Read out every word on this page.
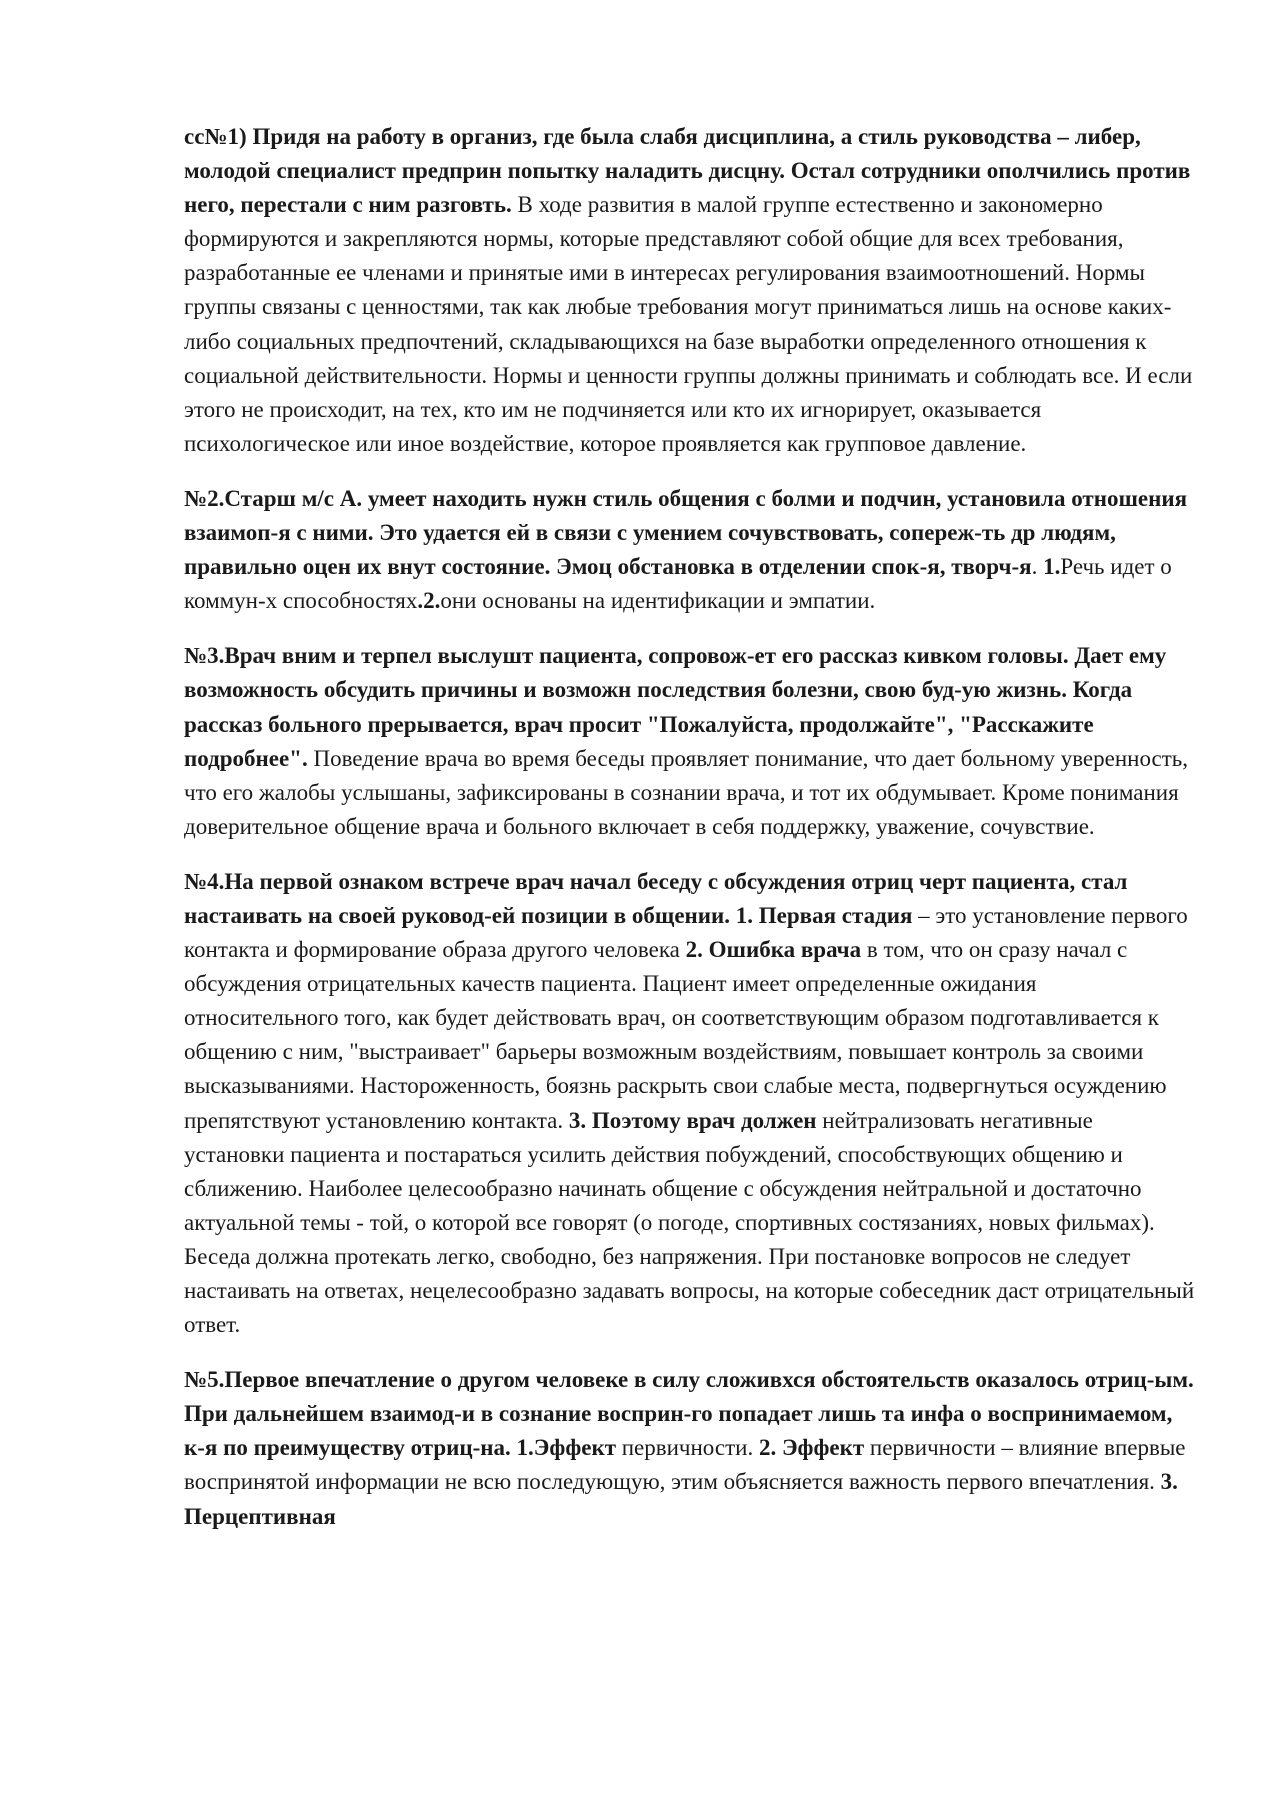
сс№1) Придя на работу в организ, где была слабя дисциплина, а стиль руководства – либер, молодой специалист предприн попытку наладить дисцну. Остал сотрудники ополчились против него, перестали с ним разговть. В ходе развития в малой группе естественно и закономерно формируются и закрепляются нормы, которые представляют собой общие для всех требования, разработанные ее членами и принятые ими в интересах регулирования взаимоотношений. Нормы группы связаны с ценностями, так как любые требования могут приниматься лишь на основе каких-либо социальных предпочтений, складывающихся на базе выработки определенного отношения к социальной действительности. Нормы и ценности группы должны принимать и соблюдать все. И если этого не происходит, на тех, кто им не подчиняется или кто их игнорирует, оказывается психологическое или иное воздействие, которое проявляется как групповое давление.

№2.Старш м/с А. умеет находить нужн стиль общения с болми и подчин, установила отношения взаимоп-я с ними. Это удается ей в связи с умением сочувствовать, сопереж-ть др людям, правильно оцен их внут состояние. Эмоц обстановка в отделении спок-я, творч-я. 1.Речь идет о коммун-х способностях.2.они основаны на идентификации и эмпатии.

№3.Врач вним и терпел выслушт пациента, сопровож-ет его рассказ кивком головы. Дает ему возможность обсудить причины и возможн последствия болезни, свою буд-ую жизнь. Когда рассказ больного прерывается, врач просит "Пожалуйста, продолжайте", "Расскажите подробнее". Поведение врача во время беседы проявляет понимание, что дает больному уверенность, что его жалобы услышаны, зафиксированы в сознании врача, и тот их обдумывает. Кроме понимания доверительное общение врача и больного включает в себя поддержку, уважение, сочувствие.

№4.На первой ознаком встрече врач начал беседу с обсуждения отриц черт пациента, стал настаивать на своей руковод-ей позиции в общении. 1. Первая стадия – это установление первого контакта и формирование образа другого человека 2. Ошибка врача в том, что он сразу начал с обсуждения отрицательных качеств пациента. Пациент имеет определенные ожидания относительного того, как будет действовать врач, он соответствующим образом подготавливается к общению с ним, "выстраивает" барьеры возможным воздействиям, повышает контроль за своими высказываниями. Настороженность, боязнь раскрыть свои слабые места, подвергнуться осуждению препятствуют установлению контакта. 3. Поэтому врач должен нейтрализовать негативные установки пациента и постараться усилить действия побуждений, способствующих общению и сближению. Наиболее целесообразно начинать общение с обсуждения нейтральной и достаточно актуальной темы - той, о которой все говорят (о погоде, спортивных состязаниях, новых фильмах). Беседа должна протекать легко, свободно, без напряжения. При постановке вопросов не следует настаивать на ответах, нецелесообразно задавать вопросы, на которые собеседник даст отрицательный ответ.

№5.Первое впечатление о другом человеке в силу сложивхся обстоятельств оказалось отриц-ым. При дальнейшем взаимод-и в сознание восприн-го попадает лишь та инфа о воспринимаемом, к-я по преимуществу отриц-на. 1.Эффект первичности. 2. Эффект первичности – влияние впервые воспринятой информации не всю последующую, этим объясняется важность первого впечатления. 3. Перцептивная
